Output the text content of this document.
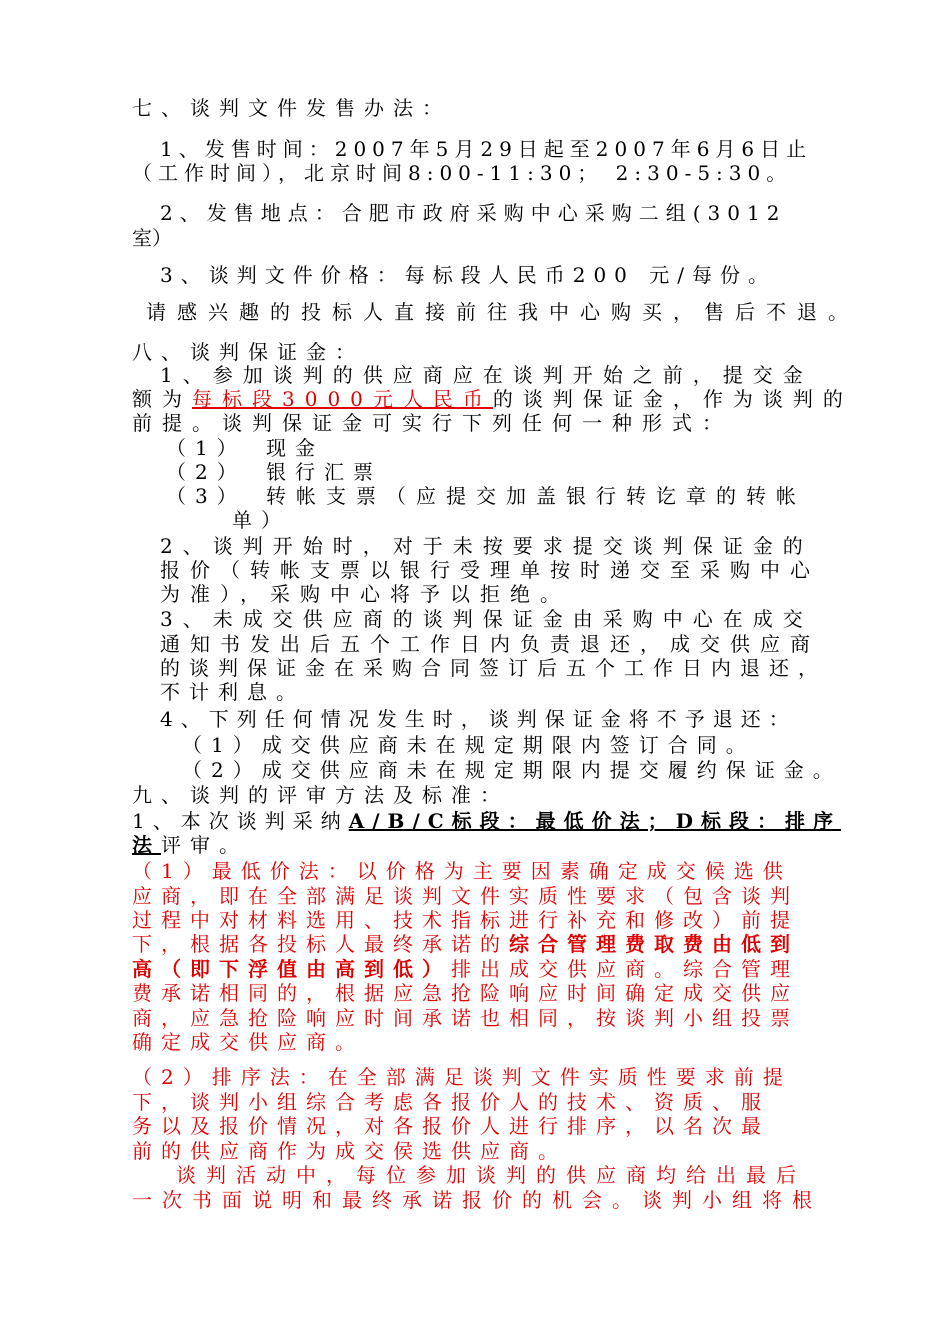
七、谈判文件发售办法：
1、发售时间：2007年5月29日起至2007年6月6日止
（工作时间），北京时间8:00-11:30； 2:30-5:30。
2、发售地点：合肥市政府采购中心采购二组(3012
室）
3、谈判文件价格：每标段人民币200 元/每份。
请感兴趣的投标人直接前往我中心购买，售后不退。
八、谈判保证金：
1、参加谈判的供应商应在谈判开始之前，提交金
额为每标段3000元人民币的谈判保证金，作为谈判的
前提。谈判保证金可实行下列任何一种形式：
（1） 现金
（2） 银行汇票
（3） 转帐支票（应提交加盖银行转讫章的转帐
单）
2、谈判开始时，对于未按要求提交谈判保证金的
报价（转帐支票以银行受理单按时递交至采购中心
为准），采购中心将予以拒绝。
3、未成交供应商的谈判保证金由采购中心在成交
通知书发出后五个工作日内负责退还，成交供应商
的谈判保证金在采购合同签订后五个工作日内退还，
不计利息。
4、下列任何情况发生时，谈判保证金将不予退还：
（1）成交供应商未在规定期限内签订合同。
（2）成交供应商未在规定期限内提交履约保证金。
九、谈判的评审方法及标准：
1、本次谈判采纳A/B/C标段：最低价法；D标段：排序
法评审。
（1）最低价法：以价格为主要因素确定成交候选供
应商，即在全部满足谈判文件实质性要求（包含谈判
过程中对材料选用、技术指标进行补充和修改）前提
下，根据各投标人最终承诺的综合管理费取费由低到
高（即下浮值由高到低）排出成交供应商。综合管理
费承诺相同的，根据应急抢险响应时间确定成交供应
商，应急抢险响应时间承诺也相同，按谈判小组投票
确定成交供应商。
（2）排序法：在全部满足谈判文件实质性要求前提
下，谈判小组综合考虑各报价人的技术、资质、服
务以及报价情况，对各报价人进行排序，以名次最
前的供应商作为成交侯选供应商。
谈判活动中，每位参加谈判的供应商均给出最后
一次书面说明和最终承诺报价的机会。谈判小组将根
